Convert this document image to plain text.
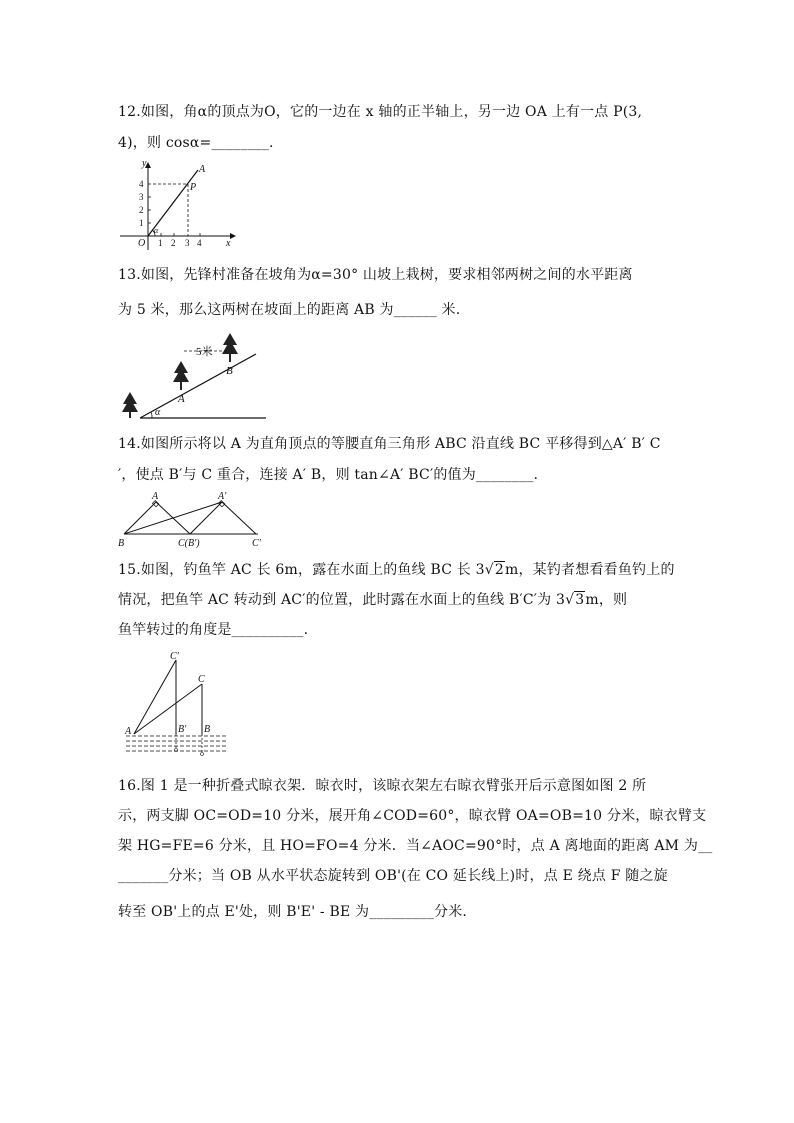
12.如图，角α的顶点为O，它的一边在 x 轴的正半轴上，另一边 OA 上有一点 P(3,
4)，则 cosα=________.
y
x
O
A
P
α
1 2 3 4
1
2
3
4
13.如图，先锋村准备在坡角为α=30° 山坡上栽树，要求相邻两树之间的水平距离
为 5 米，那么这两树在坡面上的距离 AB 为______ 米.
5米
A
B
α
14.如图所示将以 A 为直角顶点的等腰直角三角形 ABC 沿直线 BC 平移得到△A′ B′ C
′，使点 B′与 C 重合，连接 A′ B，则 tan∠A′ BC′的值为________.
A	A′
B	C(B′)	C′
15.如图，钓鱼竿 AC 长 6m，露在水面上的鱼线 BC 长 3√2m，某钓者想看看鱼钓上的
情况，把鱼竿 AC 转动到 AC′的位置，此时露在水面上的鱼线 B′C′为 3√3m，则
鱼竿转过的角度是__________.
C′
C
A	B′ B
16.图 1 是一种折叠式晾衣架．晾衣时，该晾衣架左右晾衣臂张开后示意图如图 2 所
示，两支脚 OC=OD=10 分米，展开角∠COD=60°，晾衣臂 OA=OB=10 分米，晾衣臂支
架 HG=FE=6 分米，且 HO=FO=4 分米．当∠AOC=90°时，点 A 离地面的距离 AM 为__
_______分米；当 OB 从水平状态旋转到 OB'(在 CO 延长线上)时，点 E 绕点 F 随之旋
转至 OB'上的点 E'处，则 B'E' - BE 为_________分米.
